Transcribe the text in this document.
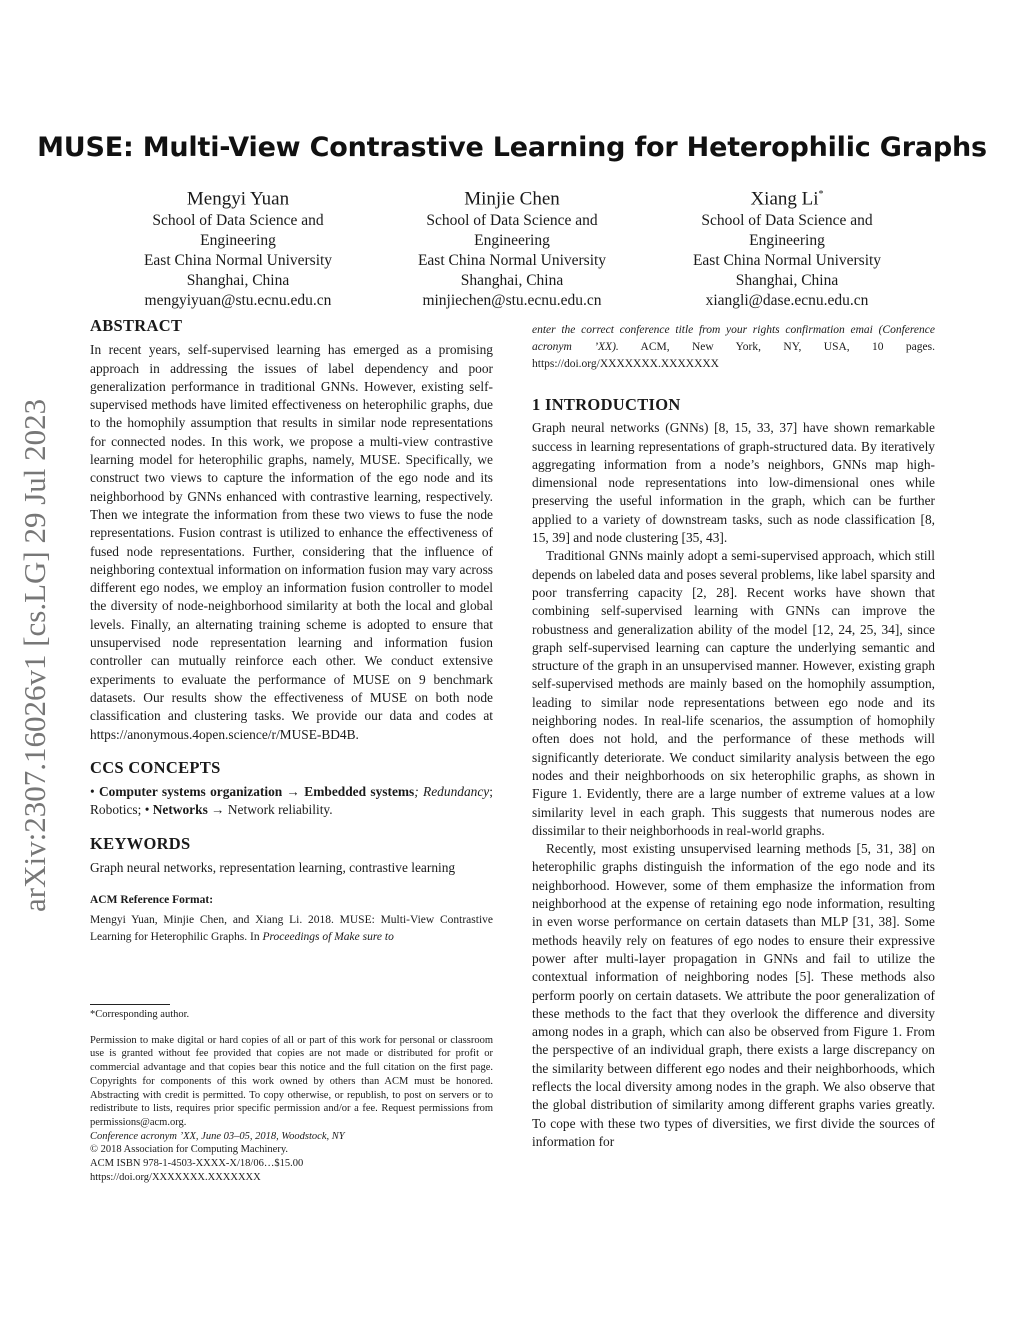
MUSE: Multi-View Contrastive Learning for Heterophilic Graphs
Mengyi Yuan
School of Data Science and
Engineering
East China Normal University
Shanghai, China
mengyiyuan@stu.ecnu.edu.cn
Minjie Chen
School of Data Science and
Engineering
East China Normal University
Shanghai, China
minjiechen@stu.ecnu.edu.cn
Xiang Li*
School of Data Science and
Engineering
East China Normal University
Shanghai, China
xiangli@dase.ecnu.edu.cn
arXiv:2307.16026v1 [cs.LG] 29 Jul 2023
ABSTRACT

In recent years, self-supervised learning has emerged as a promising approach in addressing the issues of label dependency and poor generalization performance in traditional GNNs. However, existing self-supervised methods have limited effectiveness on heterophilic graphs, due to the homophily assumption that results in similar node representations for connected nodes. In this work, we propose a multi-view contrastive learning model for heterophilic graphs, namely, MUSE. Specifically, we construct two views to capture the information of the ego node and its neighborhood by GNNs enhanced with contrastive learning, respectively. Then we integrate the information from these two views to fuse the node representations. Fusion contrast is utilized to enhance the effectiveness of fused node representations. Further, considering that the influence of neighboring contextual information on information fusion may vary across different ego nodes, we employ an information fusion controller to model the diversity of node-neighborhood similarity at both the local and global levels. Finally, an alternating training scheme is adopted to ensure that unsupervised node representation learning and information fusion controller can mutually reinforce each other. We conduct extensive experiments to evaluate the performance of MUSE on 9 benchmark datasets. Our results show the effectiveness of MUSE on both node classification and clustering tasks. We provide our data and codes at https://anonymous.4open.science/r/MUSE-BD4B.

CCS CONCEPTS

• Computer systems organization → Embedded systems; Redundancy; Robotics; • Networks → Network reliability.

KEYWORDS

Graph neural networks, representation learning, contrastive learning

ACM Reference Format:

Mengyi Yuan, Minjie Chen, and Xiang Li. 2018. MUSE: Multi-View Contrastive Learning for Heterophilic Graphs. In Proceedings of Make sure to

*Corresponding author.
Permission to make digital or hard copies of all or part of this work for personal or classroom use is granted without fee provided that copies are not made or distributed for profit or commercial advantage and that copies bear this notice and the full citation on the first page. Copyrights for components of this work owned by others than ACM must be honored. Abstracting with credit is permitted. To copy otherwise, or republish, to post on servers or to redistribute to lists, requires prior specific permission and/or a fee. Request permissions from permissions@acm.org.
Conference acronym ’XX, June 03–05, 2018, Woodstock, NY
© 2018 Association for Computing Machinery.
ACM ISBN 978-1-4503-XXXX-X/18/06…$15.00
https://doi.org/XXXXXXX.XXXXXXX

enter the correct conference title from your rights confirmation emai (Conference acronym ’XX). ACM, New York, NY, USA, 10 pages. https://doi.org/XXXXXXX.XXXXXXX

1 INTRODUCTION

Graph neural networks (GNNs) [8, 15, 33, 37] have shown remarkable success in learning representations of graph-structured data. By iteratively aggregating information from a node’s neighbors, GNNs map high-dimensional node representations into low-dimensional ones while preserving the useful information in the graph, which can be further applied to a variety of downstream tasks, such as node classification [8, 15, 39] and node clustering [35, 43].

Traditional GNNs mainly adopt a semi-supervised approach, which still depends on labeled data and poses several problems, like label sparsity and poor transferring capacity [2, 28]. Recent works have shown that combining self-supervised learning with GNNs can improve the robustness and generalization ability of the model [12, 24, 25, 34], since graph self-supervised learning can capture the underlying semantic and structure of the graph in an unsupervised manner. However, existing graph self-supervised methods are mainly based on the homophily assumption, leading to similar node representations between ego node and its neighboring nodes. In real-life scenarios, the assumption of homophily often does not hold, and the performance of these methods will significantly deteriorate. We conduct similarity analysis between the ego nodes and their neighborhoods on six heterophilic graphs, as shown in Figure 1. Evidently, there are a large number of extreme values at a low similarity level in each graph. This suggests that numerous nodes are dissimilar to their neighborhoods in real-world graphs.

Recently, most existing unsupervised learning methods [5, 31, 38] on heterophilic graphs distinguish the information of the ego node and its neighborhood. However, some of them emphasize the information from neighborhood at the expense of retaining ego node information, resulting in even worse performance on certain datasets than MLP [31, 38]. Some methods heavily rely on features of ego nodes to ensure their expressive power after multi-layer propagation in GNNs and fail to utilize the contextual information of neighboring nodes [5]. These methods also perform poorly on certain datasets. We attribute the poor generalization of these methods to the fact that they overlook the difference and diversity among nodes in a graph, which can also be observed from Figure 1. From the perspective of an individual graph, there exists a large discrepancy on the similarity between different ego nodes and their neighborhoods, which reflects the local diversity among nodes in the graph. We also observe that the global distribution of similarity among different graphs varies greatly. To cope with these two types of diversities, we first divide the sources of information for
